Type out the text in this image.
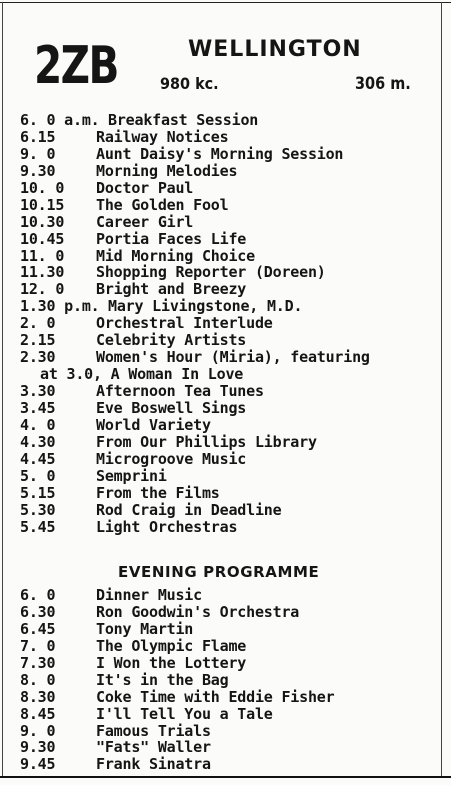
2ZB	WELLINGTON
980 kc.	306 m.
6. 0 a.m. Breakfast Session
6.15	Railway Notices
9. 0	Aunt Daisy's Morning Session
9.30	Morning Melodies
10. 0 Doctor Paul
10.15 The Golden Fool
10.30 Career Girl
10.45 Portia Faces Life
11. 0 Mid Morning Choice
11.30 Shopping Reporter (Doreen)
12. 0 Bright and Breezy
1.30 p.m. Mary Livingstone, M.D.
2. 0	Orchestral Interlude
2.15	Celebrity Artists
2.30	Women's Hour (Miria), featuring
at 3.0, A Woman In Love
3.30	Afternoon Tea Tunes
3.45	Eve Boswell Sings
4. 0	World Variety
4.30	From Our Phillips Library
4.45	Microgroove Music
5. 0	Semprini
5.15	From the Films
5.30	Rod Craig in Deadline
5.45	Light Orchestras
EVENING PROGRAMME
6. 0	Dinner Music
6.30	Ron Goodwin's Orchestra
6.45	Tony Martin
7. 0	The Olympic Flame
7.30	I Won the Lottery
8. 0	It's in the Bag
8.30	Coke Time with Eddie Fisher
8.45	I'll Tell You a Tale
9. 0	Famous Trials
9.30	"Fats" Waller
9.45	Frank Sinatra
